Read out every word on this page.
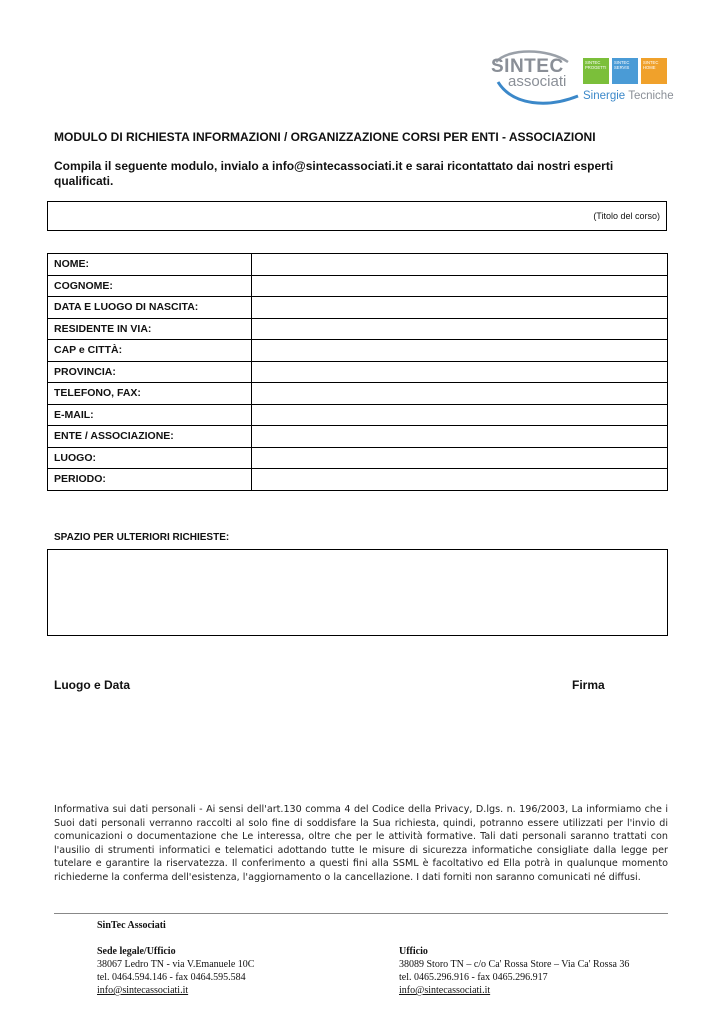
SINTEC
associati
SINTEC PROGETTI
SINTEC SERVIS
SINTEC HOME
Sinergie Tecniche
MODULO DI RICHIESTA INFORMAZIONI / ORGANIZZAZIONE CORSI PER ENTI - ASSOCIAZIONI
Compila il seguente modulo, invialo a info@sintecassociati.it e sarai ricontattato dai nostri esperti qualificati.
(Titolo del corso)
NOME:	
COGNOME:	
DATA E LUOGO DI NASCITA:	
RESIDENTE IN VIA:	
CAP e CITTÀ:	
PROVINCIA:	
TELEFONO, FAX:	
E-MAIL:	
ENTE / ASSOCIAZIONE:	
LUOGO:	
PERIODO:	
SPAZIO PER ULTERIORI RICHIESTE:
Luogo e Data	Firma
Informativa sui dati personali - Ai sensi dell'art.130 comma 4 del Codice della Privacy, D.lgs. n. 196/2003, La informiamo che i Suoi dati personali verranno raccolti al solo fine di soddisfare la Sua richiesta, quindi, potranno essere utilizzati per l'invio di comunicazioni o documentazione che Le interessa, oltre che per le attività formative. Tali dati personali saranno trattati con l'ausilio di strumenti informatici e telematici adottando tutte le misure di sicurezza informatiche consigliate dalla legge per tutelare e garantire la riservatezza. Il conferimento a questi fini alla SSML è facoltativo ed Ella potrà in qualunque momento richiederne la conferma dell'esistenza, l'aggiornamento o la cancellazione. I dati forniti non saranno comunicati né diffusi.
SinTec Associati
Sede legale/Ufficio
38067 Ledro TN - via V.Emanuele 10C
tel. 0464.594.146 - fax 0464.595.584
info@sintecassociati.it
Ufficio
38089 Storo TN – c/o Ca' Rossa Store – Via Ca' Rossa 36
tel. 0465.296.916 - fax 0465.296.917
info@sintecassociati.it
